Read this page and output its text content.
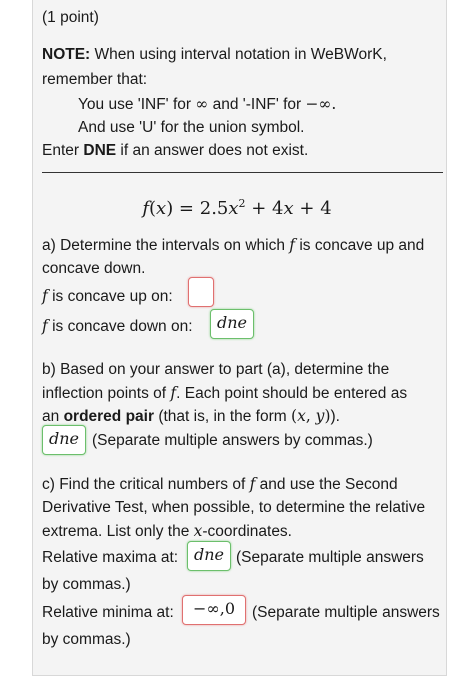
(1 point)
NOTE: When using interval notation in WeBWorK,
remember that:
You use 'INF' for ∞ and '-INF' for −∞.
And use 'U' for the union symbol.
Enter DNE if an answer does not exist.
$f(x) = 2.5x^2 + 4x + 4$
a) Determine the intervals on which f is concave up and
concave down.
f is concave up on:
f is concave down on:	dne
b) Based on your answer to part (a), determine the
inflection points of f. Each point should be entered as
an ordered pair (that is, in the form (x, y)).
dne (Separate multiple answers by commas.)
c) Find the critical numbers of f and use the Second
Derivative Test, when possible, to determine the relative
extrema. List only the x-coordinates.
Relative maxima at: dne (Separate multiple answers
by commas.)
Relative minima at:	−∞,0	(Separate multiple answers
by commas.)
